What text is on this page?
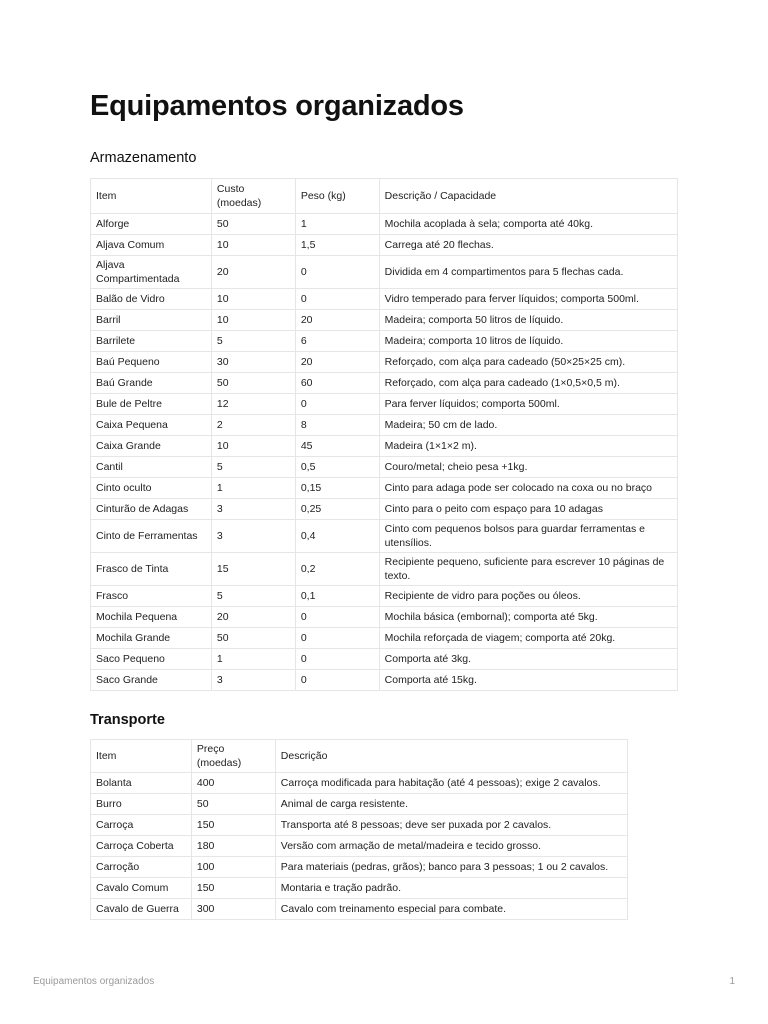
Equipamentos organizados
Armazenamento
Item	Custo (moedas)	Peso (kg)	Descrição / Capacidade
Alforge	50	1	Mochila acoplada à sela; comporta até 40kg.
Aljava Comum	10	1,5	Carrega até 20 flechas.
Aljava Compartimentada	20	0	Dividida em 4 compartimentos para 5 flechas cada.
Balão de Vidro	10	0	Vidro temperado para ferver líquidos; comporta 500ml.
Barril	10	20	Madeira; comporta 50 litros de líquido.
Barrilete	5	6	Madeira; comporta 10 litros de líquido.
Baú Pequeno	30	20	Reforçado, com alça para cadeado (50×25×25 cm).
Baú Grande	50	60	Reforçado, com alça para cadeado (1×0,5×0,5 m).
Bule de Peltre	12	0	Para ferver líquidos; comporta 500ml.
Caixa Pequena	2	8	Madeira; 50 cm de lado.
Caixa Grande	10	45	Madeira (1×1×2 m).
Cantil	5	0,5	Couro/metal; cheio pesa +1kg.
Cinto oculto	1	0,15	Cinto para adaga pode ser colocado na coxa ou no braço
Cinturão de Adagas	3	0,25	Cinto para o peito com espaço para 10 adagas
Cinto de Ferramentas	3	0,4	Cinto com pequenos bolsos para guardar ferramentas e utensílios.
Frasco de Tinta	15	0,2	Recipiente pequeno, suficiente para escrever 10 páginas de texto.
Frasco	5	0,1	Recipiente de vidro para poções ou óleos.
Mochila Pequena	20	0	Mochila básica (embornal); comporta até 5kg.
Mochila Grande	50	0	Mochila reforçada de viagem; comporta até 20kg.
Saco Pequeno	1	0	Comporta até 3kg.
Saco Grande	3	0	Comporta até 15kg.
Transporte
Item	Preço (moedas)	Descrição
Bolanta	400	Carroça modificada para habitação (até 4 pessoas); exige 2 cavalos.
Burro	50	Animal de carga resistente.
Carroça	150	Transporta até 8 pessoas; deve ser puxada por 2 cavalos.
Carroça Coberta	180	Versão com armação de metal/madeira e tecido grosso.
Carroção	100	Para materiais (pedras, grãos); banco para 3 pessoas; 1 ou 2 cavalos.
Cavalo Comum	150	Montaria e tração padrão.
Cavalo de Guerra	300	Cavalo com treinamento especial para combate.
Equipamentos organizados	1
